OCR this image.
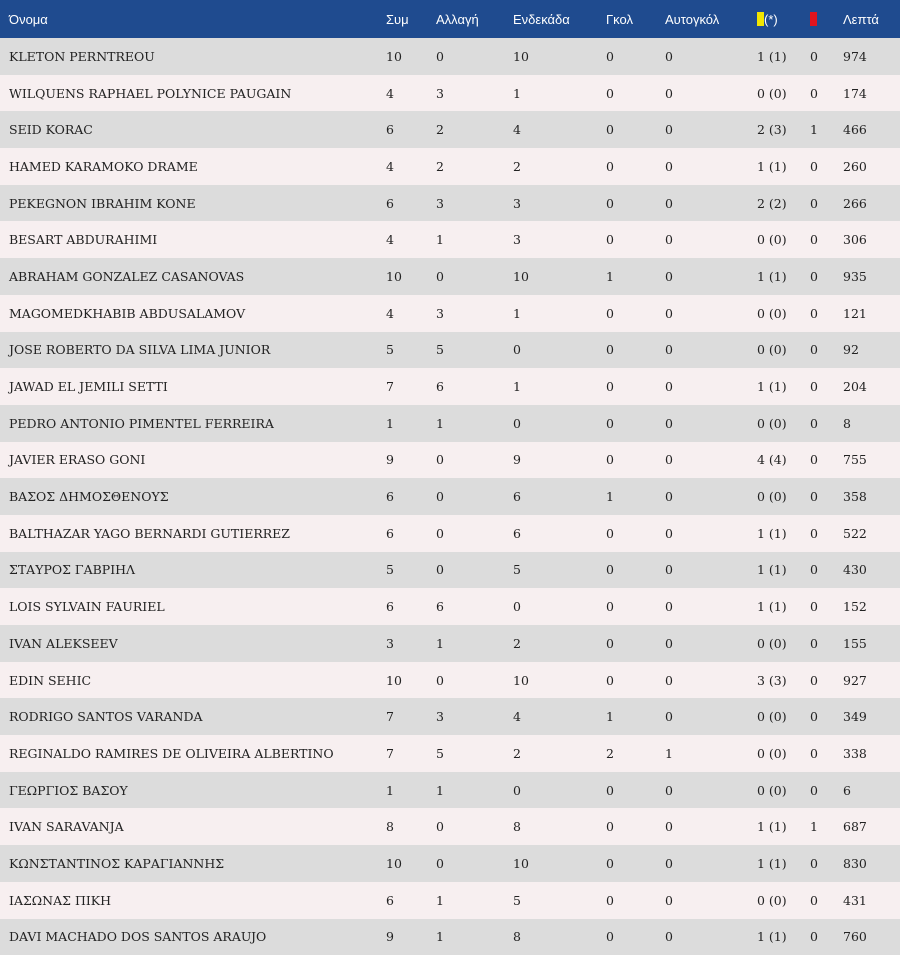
Όνομα	Συμ	Αλλαγή	Ενδεκάδα	Γκολ	Αυτογκόλ	(*)		Λεπτά
KLETON PERNTREOU	10	0	10	0	0	1 (1)	0	974
WILQUENS RAPHAEL POLYNICE PAUGAIN	4	3	1	0	0	0 (0)	0	174
SEID KORAC	6	2	4	0	0	2 (3)	1	466
HAMED KARAMOKO DRAME	4	2	2	0	0	1 (1)	0	260
PEKEGNON IBRAHIM KONE	6	3	3	0	0	2 (2)	0	266
BESART ABDURAHIMI	4	1	3	0	0	0 (0)	0	306
ABRAHAM GONZALEZ CASANOVAS	10	0	10	1	0	1 (1)	0	935
MAGOMEDKHABIB ABDUSALAMOV	4	3	1	0	0	0 (0)	0	121
JOSE ROBERTO DA SILVA LIMA JUNIOR	5	5	0	0	0	0 (0)	0	92
JAWAD EL JEMILI SETTI	7	6	1	0	0	1 (1)	0	204
PEDRO ANTONIO PIMENTEL FERREIRA	1	1	0	0	0	0 (0)	0	8
JAVIER ERASO GONI	9	0	9	0	0	4 (4)	0	755
ΒΑΣΟΣ ΔΗΜΟΣΘΕΝΟΥΣ	6	0	6	1	0	0 (0)	0	358
BALTHAZAR YAGO BERNARDI GUTIERREZ	6	0	6	0	0	1 (1)	0	522
ΣΤΑΥΡΟΣ ΓΑΒΡΙΗΛ	5	0	5	0	0	1 (1)	0	430
LOIS SYLVAIN FAURIEL	6	6	0	0	0	1 (1)	0	152
IVAN ALEKSEEV	3	1	2	0	0	0 (0)	0	155
EDIN SEHIC	10	0	10	0	0	3 (3)	0	927
RODRIGO SANTOS VARANDA	7	3	4	1	0	0 (0)	0	349
REGINALDO RAMIRES DE OLIVEIRA ALBERTINO	7	5	2	2	1	0 (0)	0	338
ΓΕΩΡΓΙΟΣ ΒΑΣΟΥ	1	1	0	0	0	0 (0)	0	6
IVAN SARAVANJA	8	0	8	0	0	1 (1)	1	687
ΚΩΝΣΤΑΝΤΙΝΟΣ ΚΑΡΑΓΙΑΝΝΗΣ	10	0	10	0	0	1 (1)	0	830
ΙΑΣΩΝΑΣ ΠΙΚΗ	6	1	5	0	0	0 (0)	0	431
DAVI MACHADO DOS SANTOS ARAUJO	9	1	8	0	0	1 (1)	0	760
